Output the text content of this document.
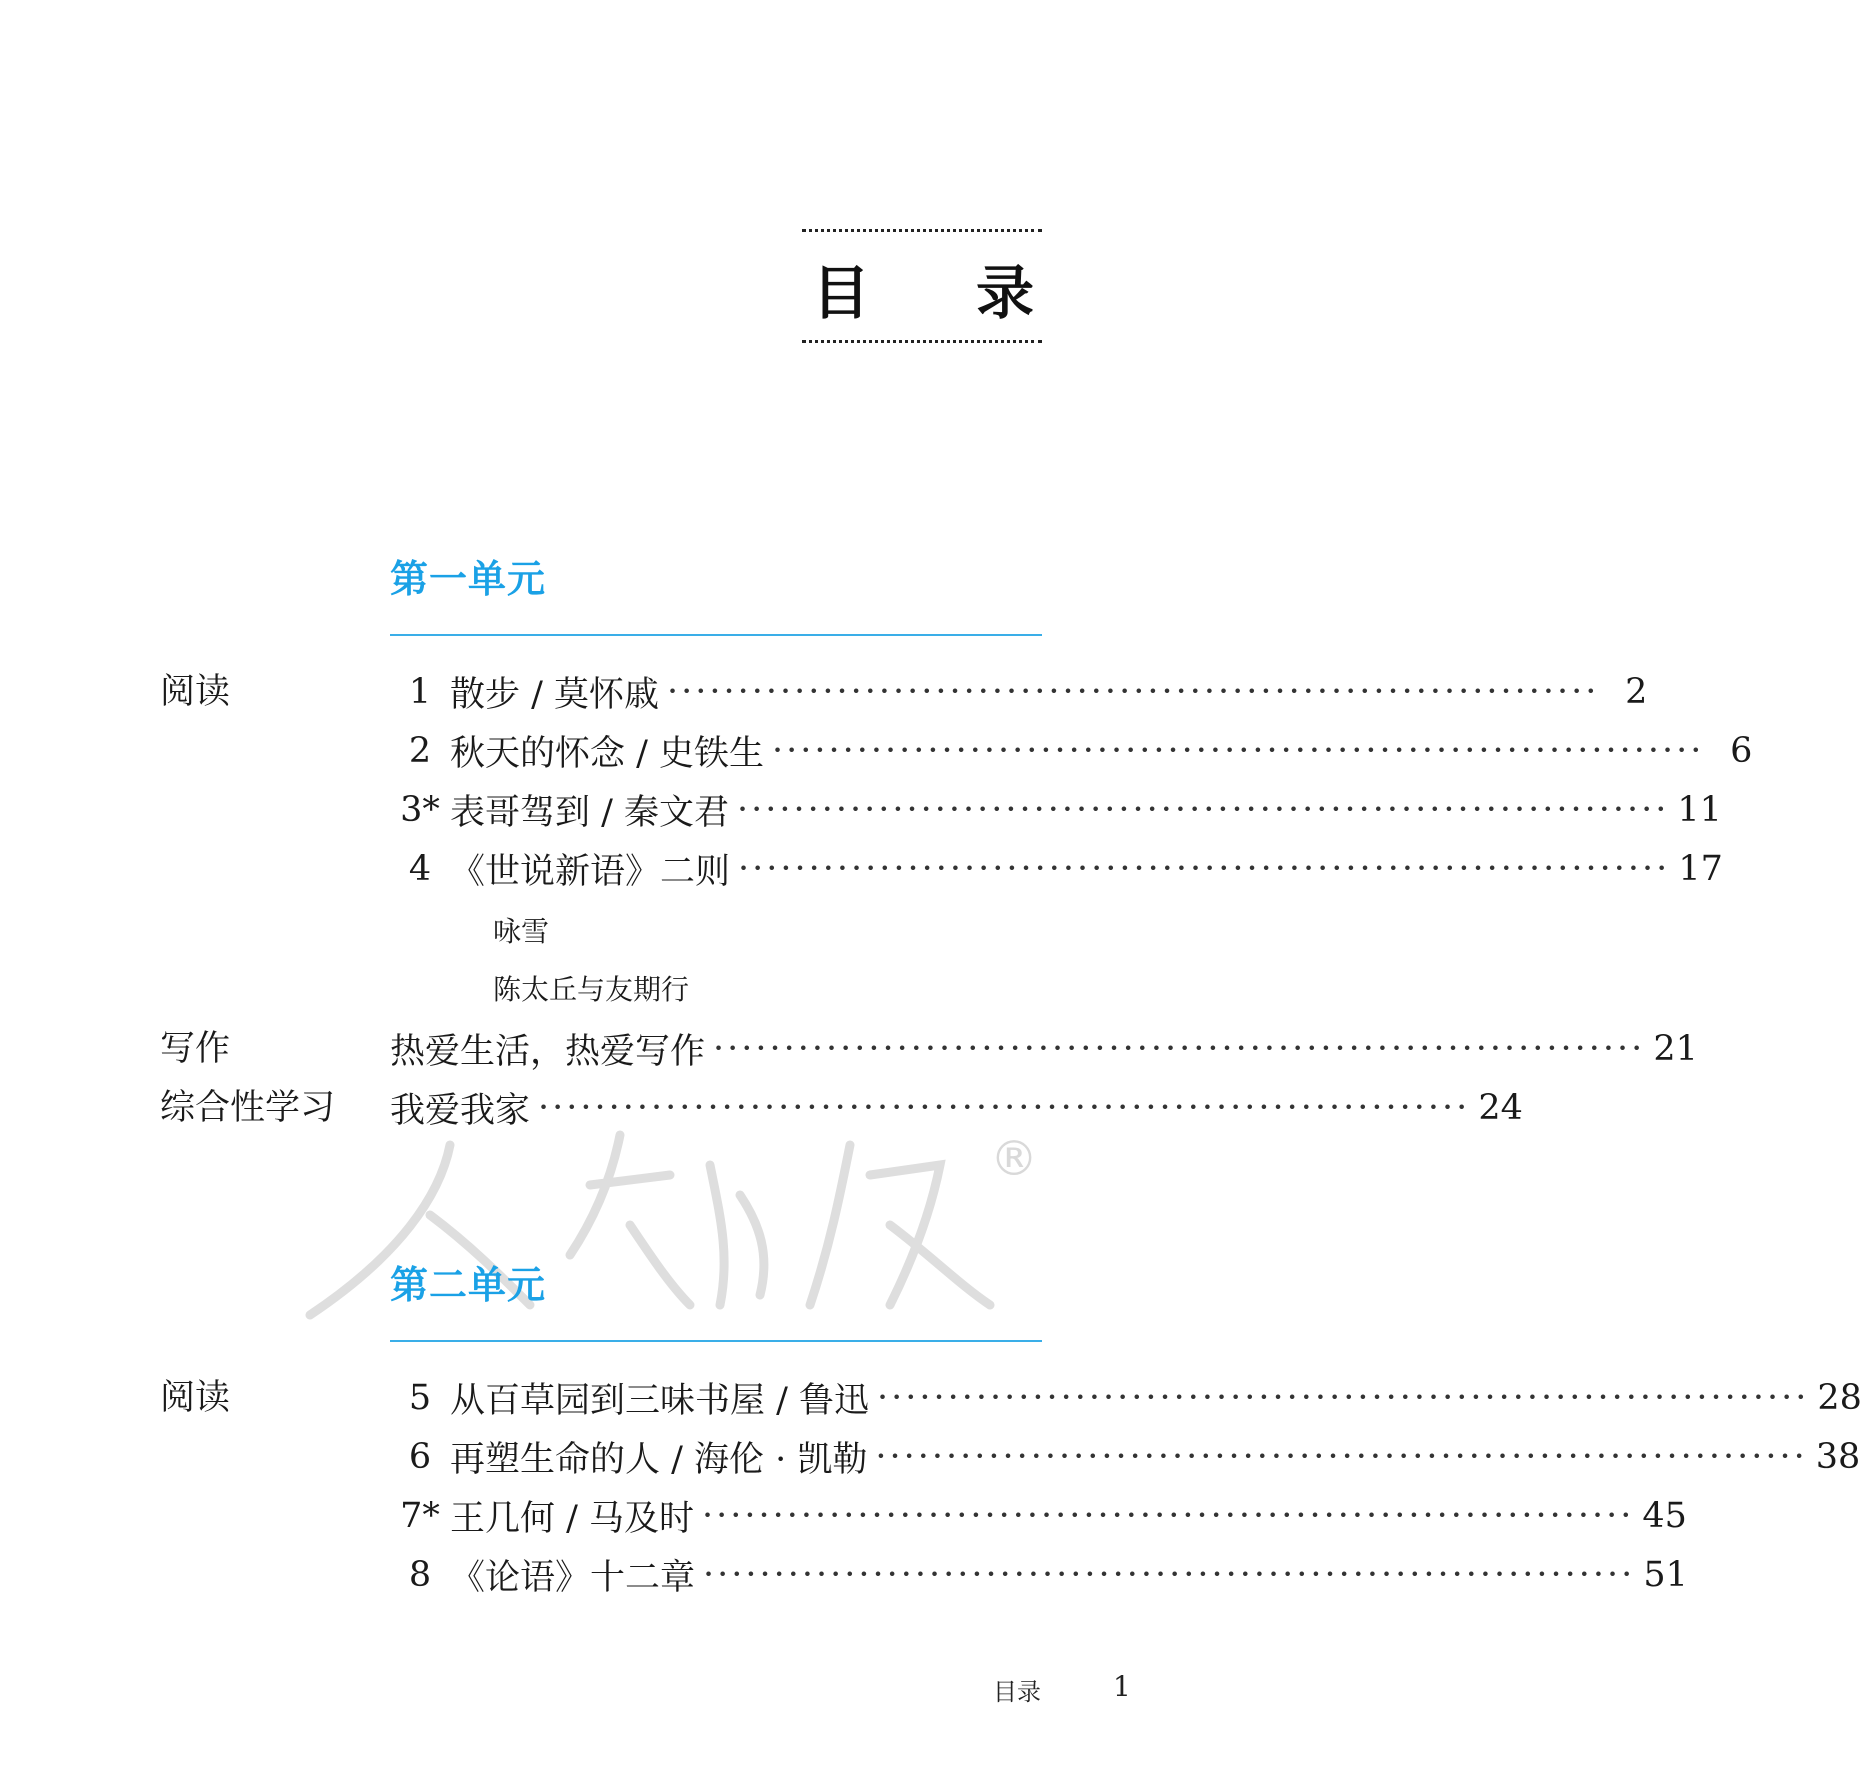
目 录
®
第一单元
阅读	1 散步 / 莫怀戚 ·································································· 2
2 秋天的怀念 / 史铁生 ·································································· 6
3* 表哥驾到 / 秦文君 ·································································· 11
4 《世说新语》二则 ·································································· 17
咏雪
陈太丘与友期行
写作	热爱生活，热爱写作 ·································································· 21
综合性学习 我爱我家 ·································································· 24
第二单元
阅读	5 从百草园到三味书屋 / 鲁迅 ·································································· 28
6 再塑生命的人 / 海伦 · 凯勒 ·································································· 38
7* 王几何 / 马及时 ·································································· 45
8 《论语》十二章 ·································································· 51
目录	1
